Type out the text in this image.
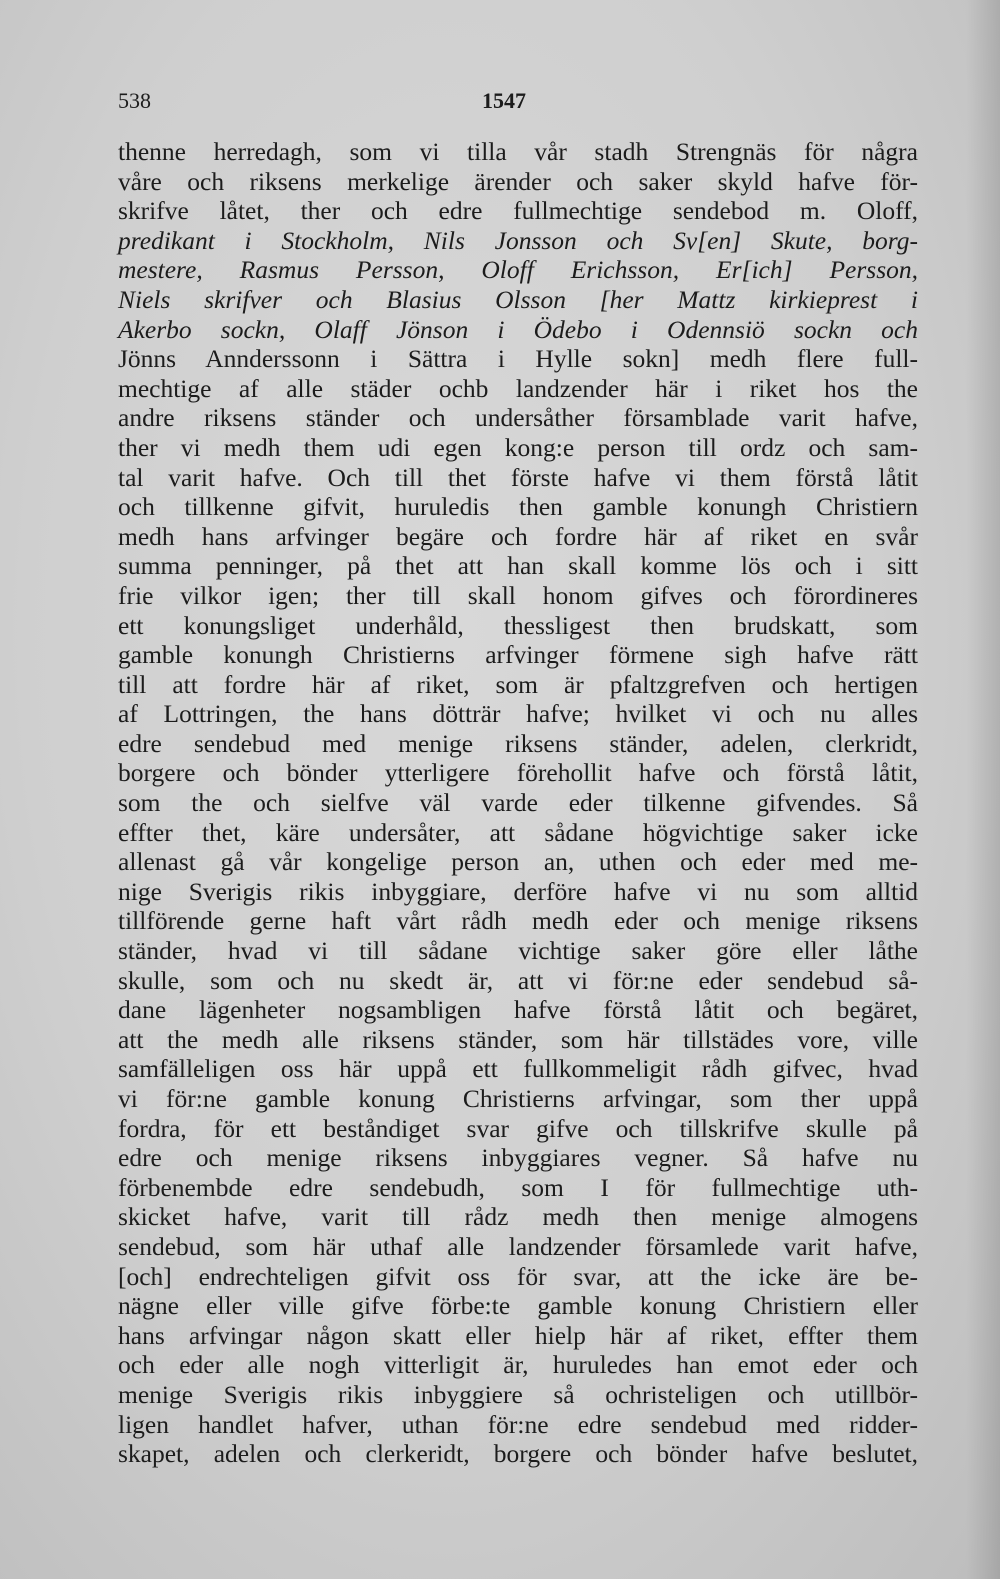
538	1547
thenne herredagh, som vi tilla vår stadh Strengnäs för några
våre och riksens merkelige ärender och saker skyld hafve för-
skrifve låtet, ther och edre fullmechtige sendebod m. Oloff,
predikant i Stockholm, Nils Jonsson och Sv[en] Skute, borg-
mestere, Rasmus Persson, Oloff Erichsson, Er[ich] Persson,
Niels skrifver och Blasius Olsson [her Mattz kirkieprest i
Akerbo sockn, Olaff Jönson i Ödebo i Odennsiö sockn och
Jönns Annderssonn i Sättra i Hylle sokn] medh flere full-
mechtige af alle städer ochb landzender här i riket hos the
andre riksens ständer och undersåther församblade varit hafve,
ther vi medh them udi egen kong:e person till ordz och sam-
tal varit hafve. Och till thet förste hafve vi them förstå låtit
och tillkenne gifvit, huruledis then gamble konungh Christiern
medh hans arfvinger begäre och fordre här af riket en svår
summa penninger, på thet att han skall komme lös och i sitt
frie vilkor igen; ther till skall honom gifves och förordineres
ett konungsliget underhåld, thessligest then brudskatt, som
gamble konungh Christierns arfvinger förmene sigh hafve rätt
till att fordre här af riket, som är pfaltzgrefven och hertigen
af Lottringen, the hans dötträr hafve; hvilket vi och nu alles
edre sendebud med menige riksens ständer, adelen, clerkridt,
borgere och bönder ytterligere förehollit hafve och förstå låtit,
som the och sielfve väl varde eder tilkenne gifvendes. Så
effter thet, käre undersåter, att sådane högvichtige saker icke
allenast gå vår kongelige person an, uthen och eder med me-
nige Sverigis rikis inbyggiare, derföre hafve vi nu som alltid
tillförende gerne haft vårt rådh medh eder och menige riksens
ständer, hvad vi till sådane vichtige saker göre eller låthe
skulle, som och nu skedt är, att vi för:ne eder sendebud så-
dane lägenheter nogsambligen hafve förstå låtit och begäret,
att the medh alle riksens ständer, som här tillstädes vore, ville
samfälleligen oss här uppå ett fullkommeligit rådh gifvec, hvad
vi för:ne gamble konung Christierns arfvingar, som ther uppå
fordra, för ett beståndiget svar gifve och tillskrifve skulle på
edre och menige riksens inbyggiares vegner. Så hafve nu
förbenembde edre sendebudh, som I för fullmechtige uth-
skicket hafve, varit till rådz medh then menige almogens
sendebud, som här uthaf alle landzender församlede varit hafve,
[och] endrechteligen gifvit oss för svar, att the icke äre be-
nägne eller ville gifve förbe:te gamble konung Christiern eller
hans arfvingar någon skatt eller hielp här af riket, effter them
och eder alle nogh vitterligit är, huruledes han emot eder och
menige Sverigis rikis inbyggiere så ochristeligen och utillbör-
ligen handlet hafver, uthan för:ne edre sendebud med ridder-
skapet, adelen och clerkeridt, borgere och bönder hafve beslutet,
